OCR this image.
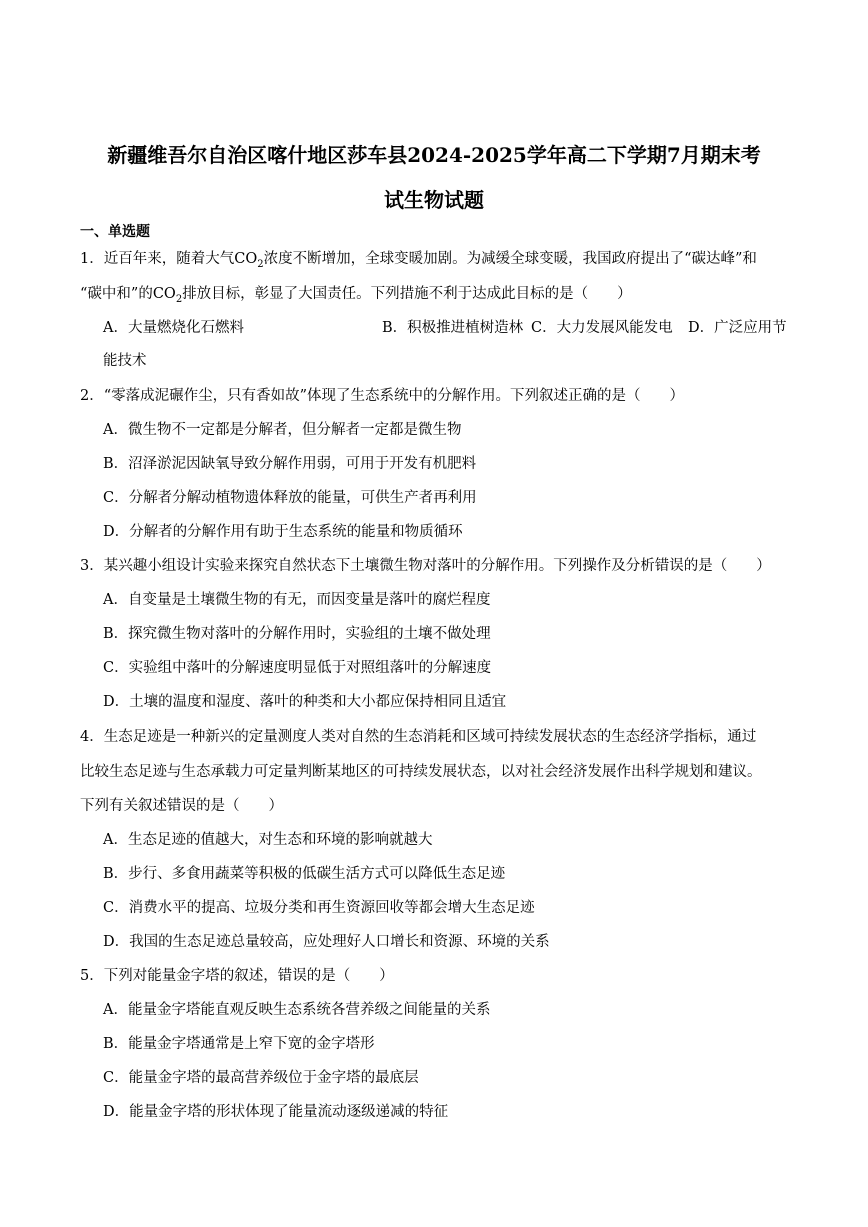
新疆维吾尔自治区喀什地区莎车县2024-2025学年高二下学期7月期末考
试生物试题
一、单选题
1．近百年来，随着大气$CO_2$浓度不断增加，全球变暖加剧。为减缓全球变暖，我国政府提出了“碳达峰”和
“碳中和”的$CO_2$排放目标，彰显了大国责任。下列措施不利于达成此目标的是（　　）
A．大量燃烧化石燃料	B．积极推进植树造林 C．大力发展风能发电 D．广泛应用节
能技术
2．“零落成泥碾作尘，只有香如故”体现了生态系统中的分解作用。下列叙述正确的是（　　）
A．微生物不一定都是分解者，但分解者一定都是微生物
B．沼泽淤泥因缺氧导致分解作用弱，可用于开发有机肥料
C．分解者分解动植物遗体释放的能量，可供生产者再利用
D．分解者的分解作用有助于生态系统的能量和物质循环
3．某兴趣小组设计实验来探究自然状态下土壤微生物对落叶的分解作用。下列操作及分析错误的是（　　）
A．自变量是土壤微生物的有无，而因变量是落叶的腐烂程度
B．探究微生物对落叶的分解作用时，实验组的土壤不做处理
C．实验组中落叶的分解速度明显低于对照组落叶的分解速度
D．土壤的温度和湿度、落叶的种类和大小都应保持相同且适宜
4．生态足迹是一种新兴的定量测度人类对自然的生态消耗和区域可持续发展状态的生态经济学指标，通过
比较生态足迹与生态承载力可定量判断某地区的可持续发展状态，以对社会经济发展作出科学规划和建议。
下列有关叙述错误的是（　　）
A．生态足迹的值越大，对生态和环境的影响就越大
B．步行、多食用蔬菜等积极的低碳生活方式可以降低生态足迹
C．消费水平的提高、垃圾分类和再生资源回收等都会增大生态足迹
D．我国的生态足迹总量较高，应处理好人口增长和资源、环境的关系
5．下列对能量金字塔的叙述，错误的是（　　）
A．能量金字塔能直观反映生态系统各营养级之间能量的关系
B．能量金字塔通常是上窄下宽的金字塔形
C．能量金字塔的最高营养级位于金字塔的最底层
D．能量金字塔的形状体现了能量流动逐级递减的特征
